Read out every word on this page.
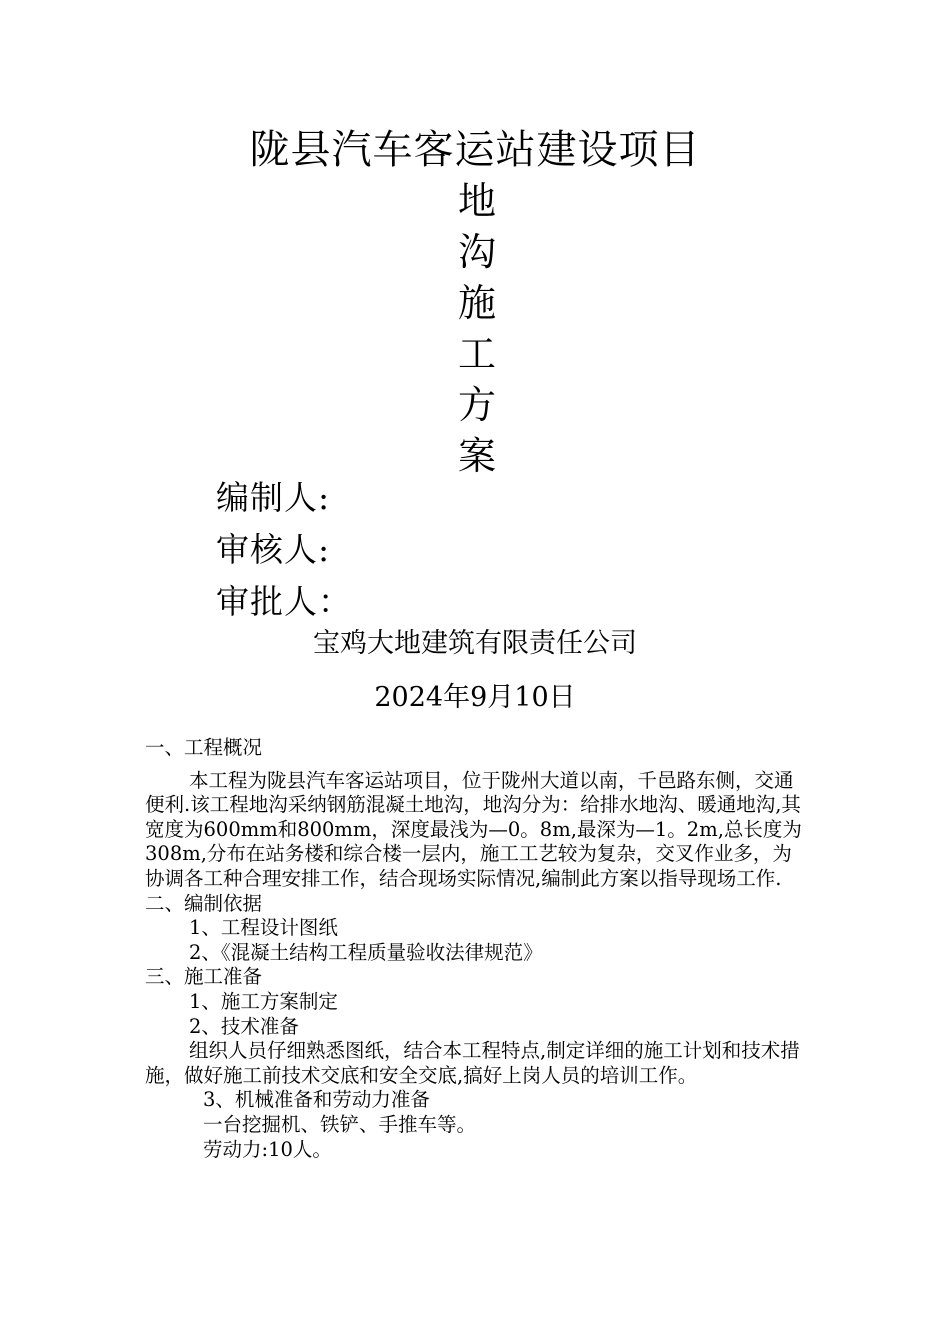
陇县汽车客运站建设项目
地
沟
施
工
方
案
编制人:
审核人:
审批人：
宝鸡大地建筑有限责任公司
2024年9月10日

一、工程概况

本工程为陇县汽车客运站项目，位于陇州大道以南，千邑路东侧，交通便利.该工程地沟采纳钢筋混凝土地沟，地沟分为：给排水地沟、暖通地沟,其宽度为600mm和800mm，深度最浅为—0。8m,最深为—1。2m,总长度为308m,分布在站务楼和综合楼一层内，施工工艺较为复杂，交叉作业多，为协调各工种合理安排工作，结合现场实际情况,编制此方案以指导现场工作.

二、编制依据

1、工程设计图纸

2、《混凝土结构工程质量验收法律规范》

三、施工准备

1、施工方案制定

2、技术准备

组织人员仔细熟悉图纸，结合本工程特点,制定详细的施工计划和技术措施，做好施工前技术交底和安全交底,搞好上岗人员的培训工作。

3、机械准备和劳动力准备

一台挖掘机、铁铲、手推车等。

劳动力:10人。
